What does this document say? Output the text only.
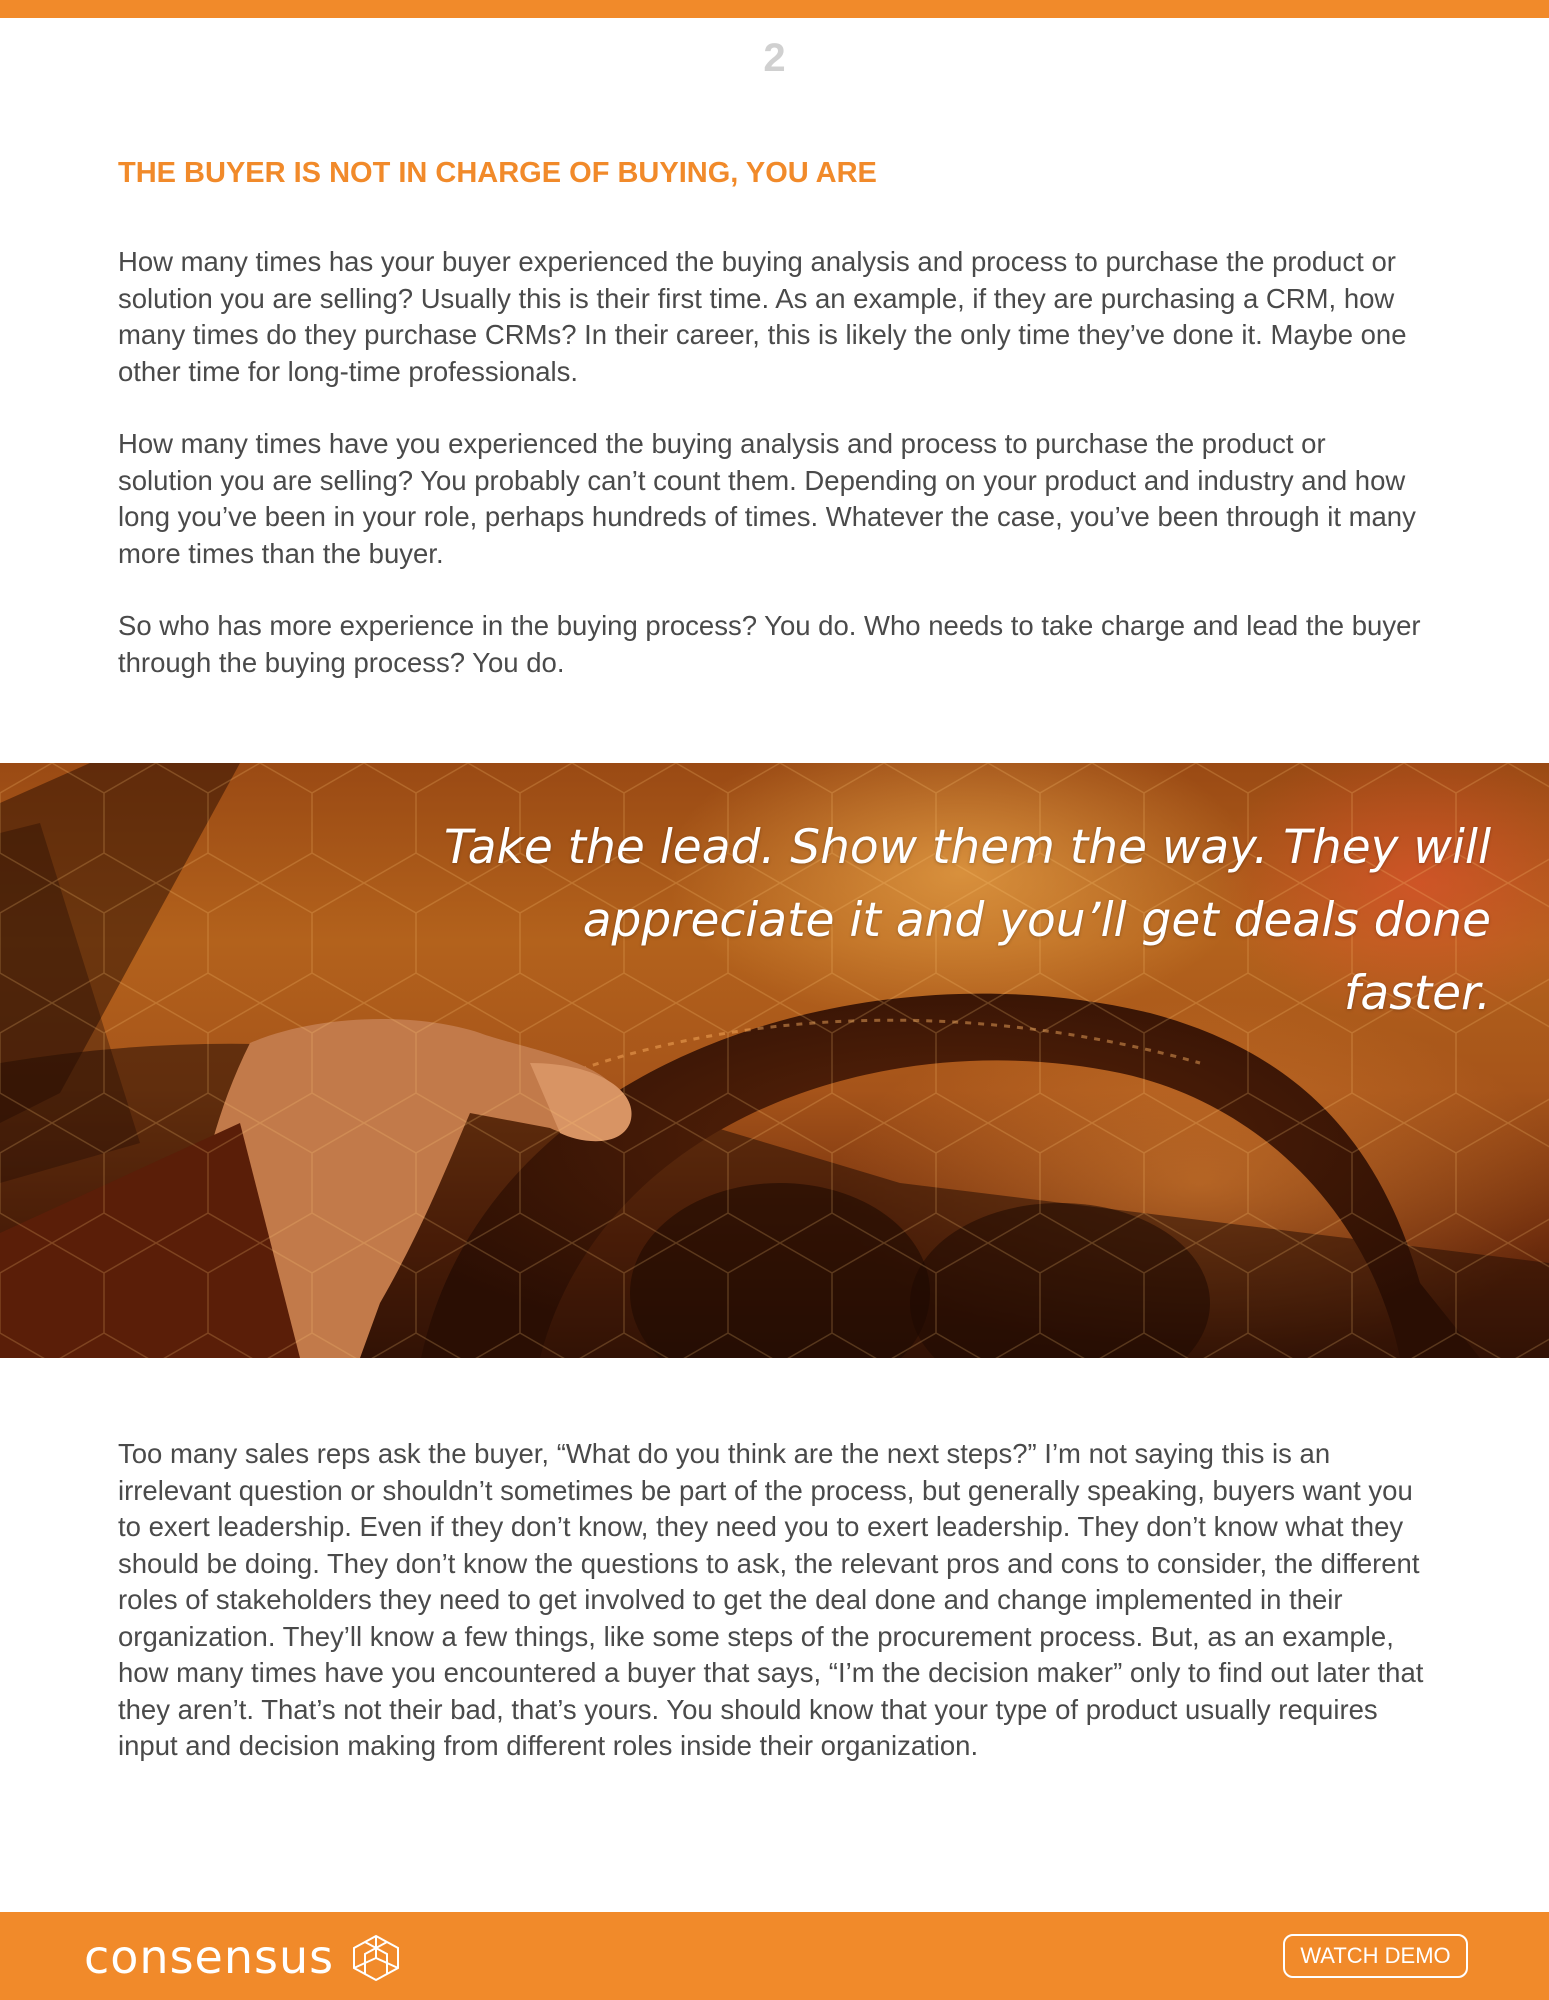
2
THE BUYER IS NOT IN CHARGE OF BUYING, YOU ARE

How many times has your buyer experienced the buying analysis and process to purchase the product or solution you are selling? Usually this is their first time. As an example, if they are purchasing a CRM, how many times do they purchase CRMs? In their career, this is likely the only time they’ve done it. Maybe one other time for long-time professionals.

How many times have you experienced the buying analysis and process to purchase the product or solution you are selling? You probably can’t count them. Depending on your product and industry and how long you’ve been in your role, perhaps hundreds of times. Whatever the case, you’ve been through it many more times than the buyer.

So who has more experience in the buying process? You do. Who needs to take charge and lead the buyer through the buying process? You do.

Take the lead. Show them the way. They will
appreciate it and you’ll get deals done faster.

Too many sales reps ask the buyer, “What do you think are the next steps?” I’m not saying this is an irrelevant question or shouldn’t sometimes be part of the process, but generally speaking, buyers want you to exert leadership. Even if they don’t know, they need you to exert leadership. They don’t know what they should be doing. They don’t know the questions to ask, the relevant pros and cons to consider, the different roles of stakeholders they need to get involved to get the deal done and change implemented in their organization. They’ll know a few things, like some steps of the procurement process. But, as an example, how many times have you encountered a buyer that says, “I’m the decision maker” only to find out later that they aren’t. That’s not their bad, that’s yours. You should know that your type of product usually requires input and decision making from different roles inside their organization.

consensus	WATCH DEMO
